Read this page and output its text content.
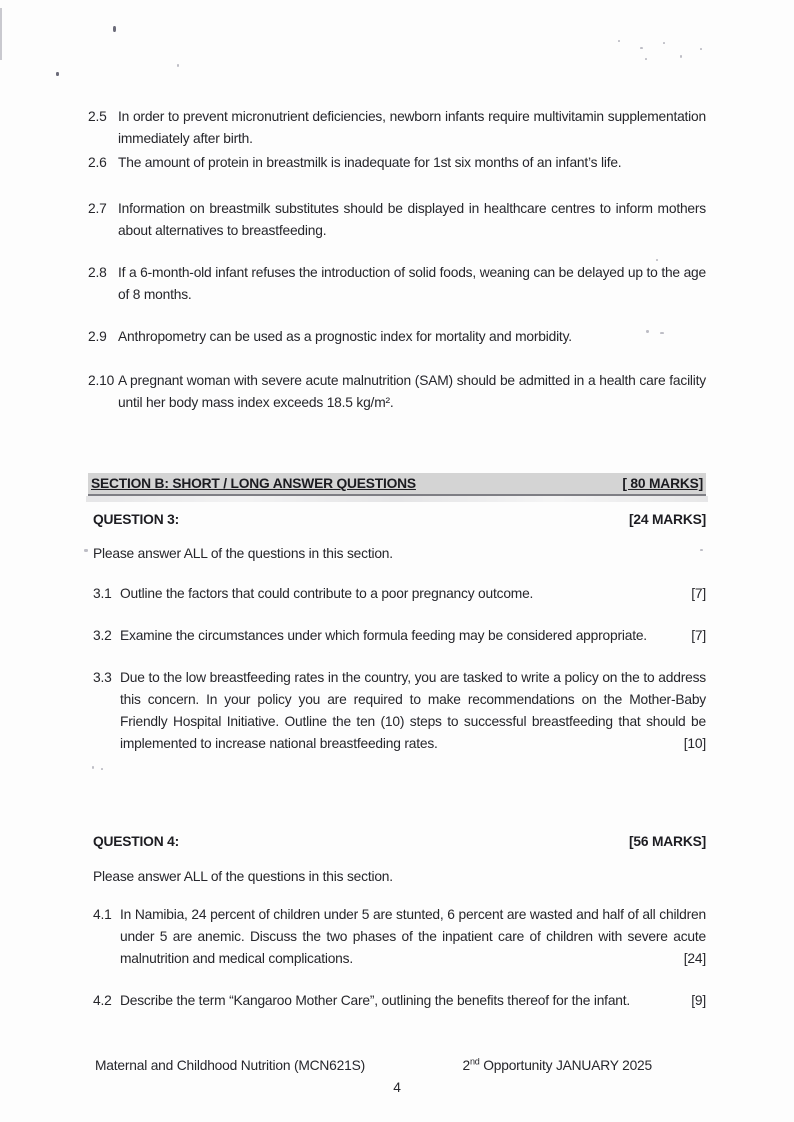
2.5 In order to prevent micronutrient deficiencies, newborn infants require multivitamin supplementation immediately after birth.

2.6 The amount of protein in breastmilk is inadequate for 1st six months of an infant’s life.

2.7 Information on breastmilk substitutes should be displayed in healthcare centres to inform mothers about alternatives to breastfeeding.

2.8 If a 6-month-old infant refuses the introduction of solid foods, weaning can be delayed up to the age of 8 months.

2.9 Anthropometry can be used as a prognostic index for mortality and morbidity.

2.10 A pregnant woman with severe acute malnutrition (SAM) should be admitted in a health care facility until her body mass index exceeds 18.5 kg/m².

SECTION B: SHORT / LONG ANSWER QUESTIONS	[ 80 MARKS]
QUESTION 3:	[24 MARKS]

Please answer ALL of the questions in this section.

3.1 Outline the factors that could contribute to a poor pregnancy outcome.	[7]

3.2 Examine the circumstances under which formula feeding may be considered appropriate.	[7]

3.3 Due to the low breastfeeding rates in the country, you are tasked to write a policy on the to address this concern. In your policy you are required to make recommendations on the Mother-Baby Friendly Hospital Initiative. Outline the ten (10) steps to successful breastfeeding that should be implemented to increase national breastfeeding rates.	[10]

QUESTION 4:	[56 MARKS]

Please answer ALL of the questions in this section.

4.1 In Namibia, 24 percent of children under 5 are stunted, 6 percent are wasted and half of all children under 5 are anemic. Discuss the two phases of the inpatient care of children with severe acute malnutrition and medical complications.	[24]

4.2 Describe the term “Kangaroo Mother Care”, outlining the benefits thereof for the infant.	[9]

Maternal and Childhood Nutrition (MCN621S)	2nd Opportunity JANUARY 2025
4
